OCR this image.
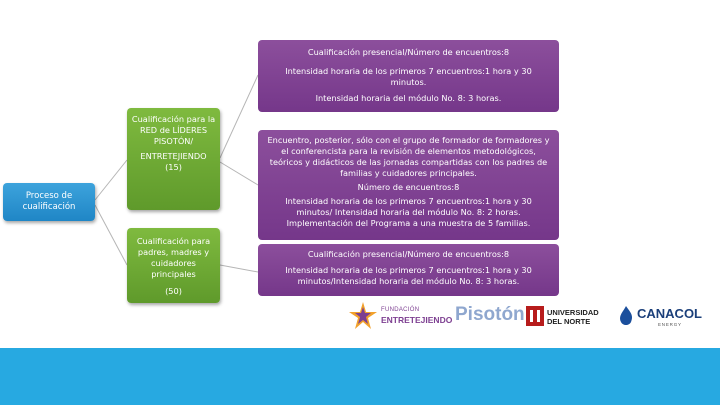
Proceso de cualificación

Cualificación para la RED de LÍDERES PISOTÓN/

ENTRETEJIENDO

(15)

Cualificación para padres, madres y cuidadores principales

(50)

Cualificación presencial/Número de encuentros:8

Intensidad horaria de los primeros 7 encuentros:1 hora y 30 minutos.

Intensidad horaria del módulo No. 8: 3 horas.

Encuentro, posterior, sólo con el grupo de formador de formadores y el conferencista para la revisión de elementos metodológicos, teóricos y didácticos de las jornadas compartidas con los padres de familias y cuidadores principales.

Número de encuentros:8

Intensidad horaria de los primeros 7 encuentros:1 hora y 30 minutos/ Intensidad horaria del módulo No. 8: 2 horas. Implementación del Programa a una muestra de 5 familias.

Cualificación presencial/Número de encuentros:8

Intensidad horaria de los primeros 7 encuentros:1 hora y 30 minutos/Intensidad horaria del módulo No. 8: 3 horas.

FUNDACIÓN
ENTRETEJIENDO Pisotón	UNIVERSIDAD
DEL NORTE
CANACOL
ENERGY
